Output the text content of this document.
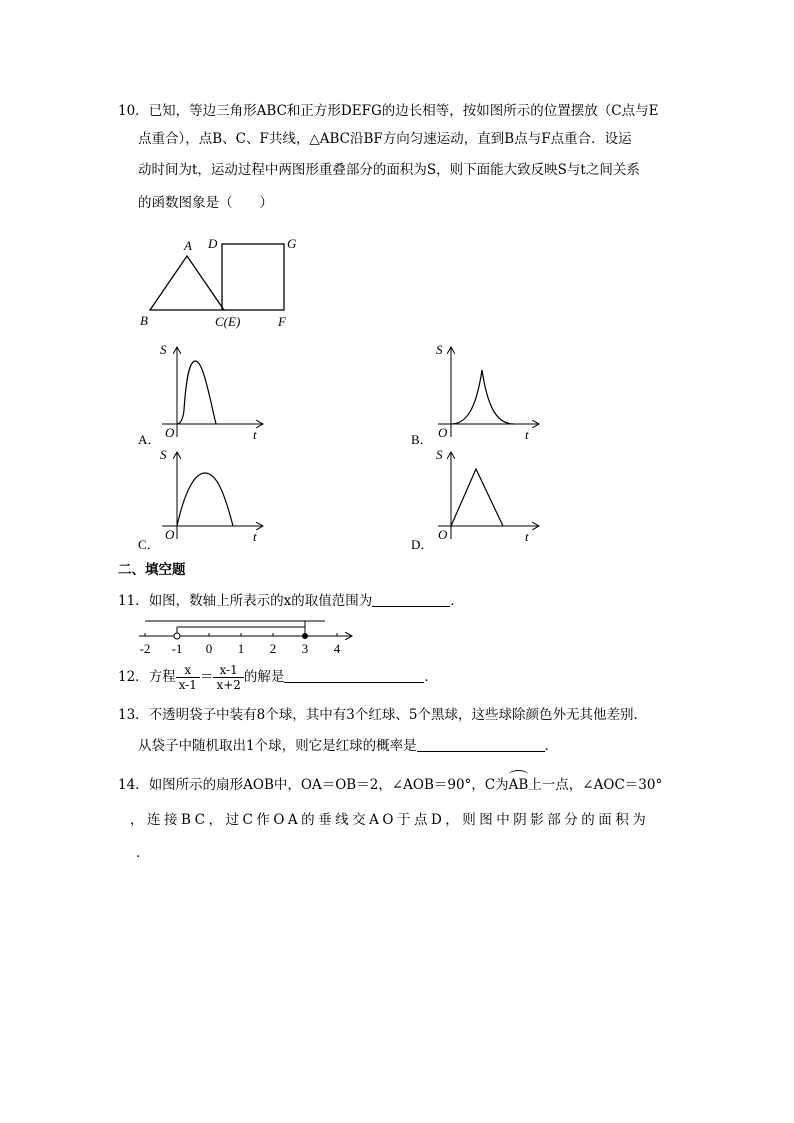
10．已知，等边三角形ABC和正方形DEFG的边长相等，按如图所示的位置摆放（C点与E
点重合），点B、C、F共线，△ABC沿BF方向匀速运动，直到B点与F点重合．设运
动时间为t，运动过程中两图形重叠部分的面积为S，则下面能大致反映S与t之间关系
的函数图象是（　　）
A D	G
B	C(E)	F
S
O	t
A．
S
O	t
B．
S
O	t
C．
S
O	t
D．
二、填空题
11．如图，数轴上所表示的x的取值范围为	．
-2 -1 0 1 2 3 4
12．方程 $\frac{x}{x-1} = \frac{x-1}{x+2}$ 的解是	．
13．不透明袋子中装有8个球，其中有3个红球、5个黑球，这些球除颜色外无其他差别．
从袋子中随机取出1个球，则它是红球的概率是	．
14．如图所示的扇形AOB中，OA＝OB＝2，∠AOB＝90°，C为AB上一点，∠AOC＝30°
，连接BC，过C作OA的垂线交AO于点D，则图中阴影部分的面积为
．
